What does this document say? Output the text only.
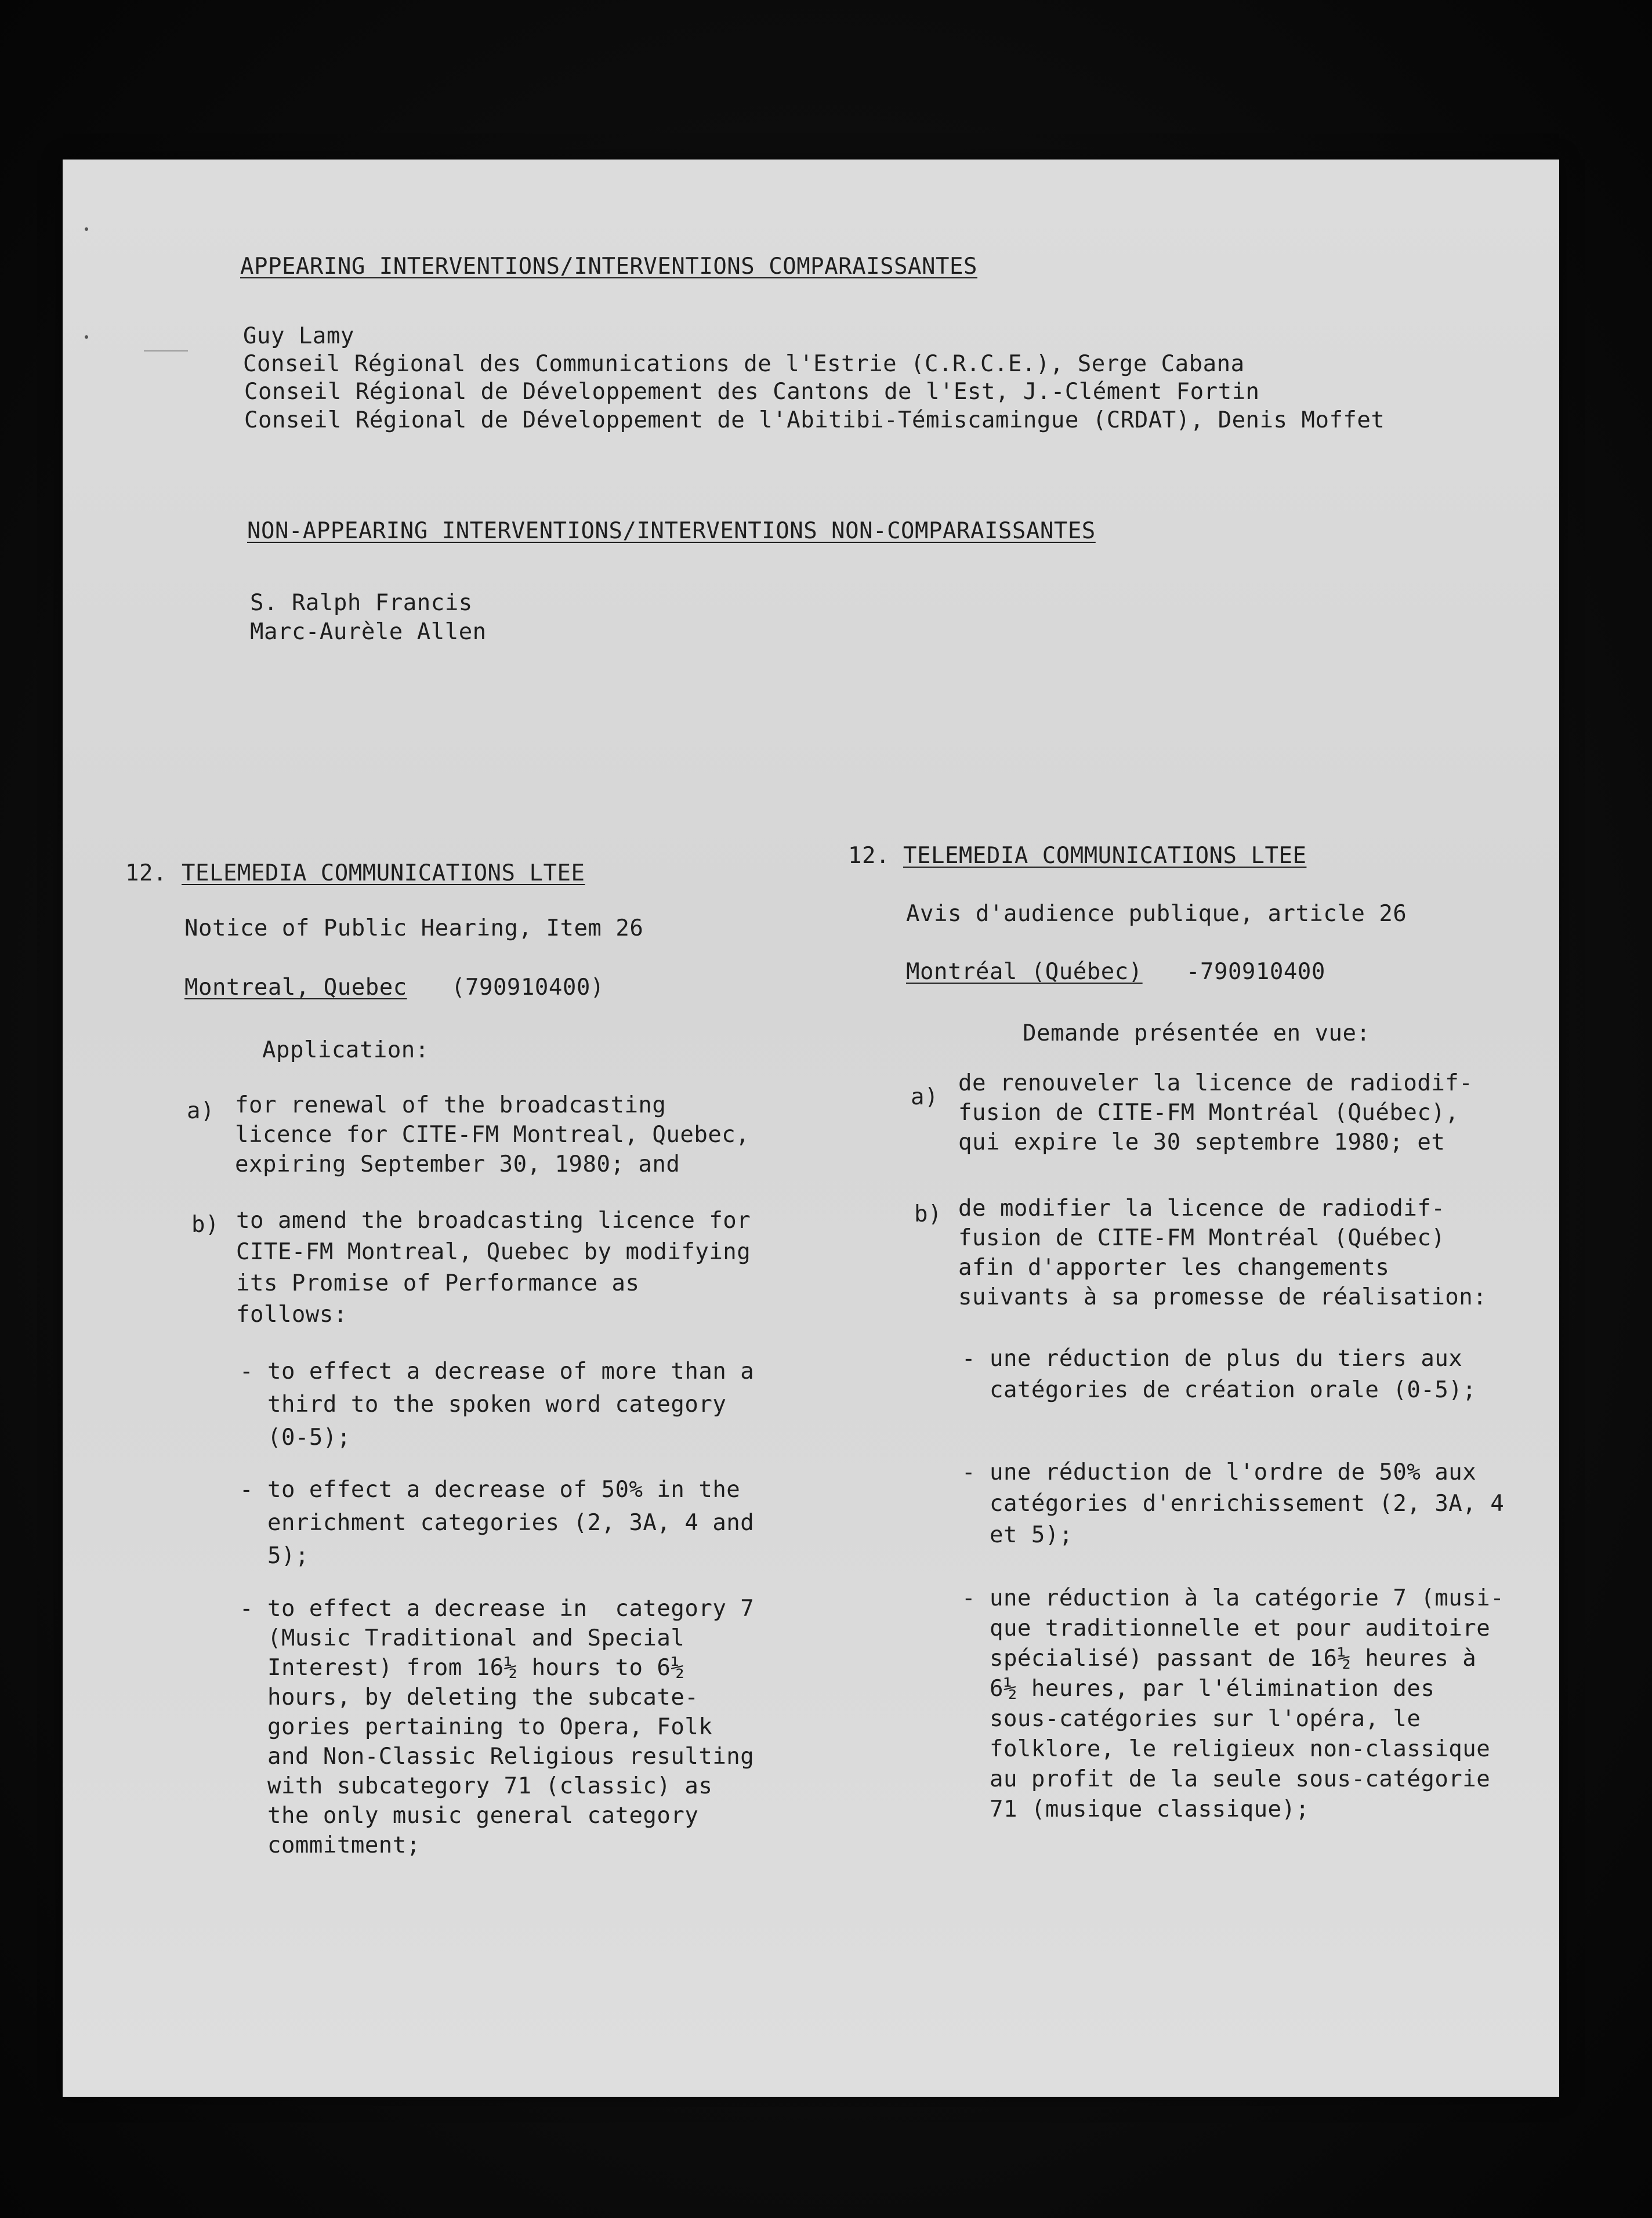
APPEARING INTERVENTIONS/INTERVENTIONS COMPARAISSANTES
Guy Lamy
Conseil Régional des Communications de l'Estrie (C.R.C.E.), Serge Cabana
Conseil Régional de Développement des Cantons de l'Est, J.-Clément Fortin
Conseil Régional de Développement de l'Abitibi-Témiscamingue (CRDAT), Denis Moffet
NON-APPEARING INTERVENTIONS/INTERVENTIONS NON-COMPARAISSANTES
S. Ralph Francis
Marc-Aurèle Allen
12. TELEMEDIA COMMUNICATIONS LTEE
Notice of Public Hearing, Item 26
Montreal, Quebec (790910400)
Application:
a) for renewal of the broadcasting
licence for CITE-FM Montreal, Quebec,
expiring September 30, 1980; and
b) to amend the broadcasting licence for
CITE-FM Montreal, Quebec by modifying
its Promise of Performance as
follows:
- to effect a decrease of more than a
third to the spoken word category
(0-5);
- to effect a decrease of 50% in the
enrichment categories (2, 3A, 4 and
5);
- to effect a decrease in  category 7
(Music Traditional and Special
Interest) from 16½ hours to 6½
hours, by deleting the subcate-
gories pertaining to Opera, Folk
and Non-Classic Religious resulting
with subcategory 71 (classic) as
the only music general category
commitment;
12. TELEMEDIA COMMUNICATIONS LTEE
Avis d'audience publique, article 26
Montréal (Québec) -790910400
Demande présentée en vue:
a)
de renouveler la licence de radiodif-
fusion de CITE-FM Montréal (Québec),
qui expire le 30 septembre 1980; et
b) de modifier la licence de radiodif-
fusion de CITE-FM Montréal (Québec)
afin d'apporter les changements
suivants à sa promesse de réalisation:
- une réduction de plus du tiers aux
catégories de création orale (0-5);
- une réduction de l'ordre de 50% aux
catégories d'enrichissement (2, 3A, 4
et 5);
- une réduction à la catégorie 7 (musi-
que traditionnelle et pour auditoire
spécialisé) passant de 16½ heures à
6½ heures, par l'élimination des
sous-catégories sur l'opéra, le
folklore, le religieux non-classique
au profit de la seule sous-catégorie
71 (musique classique);
